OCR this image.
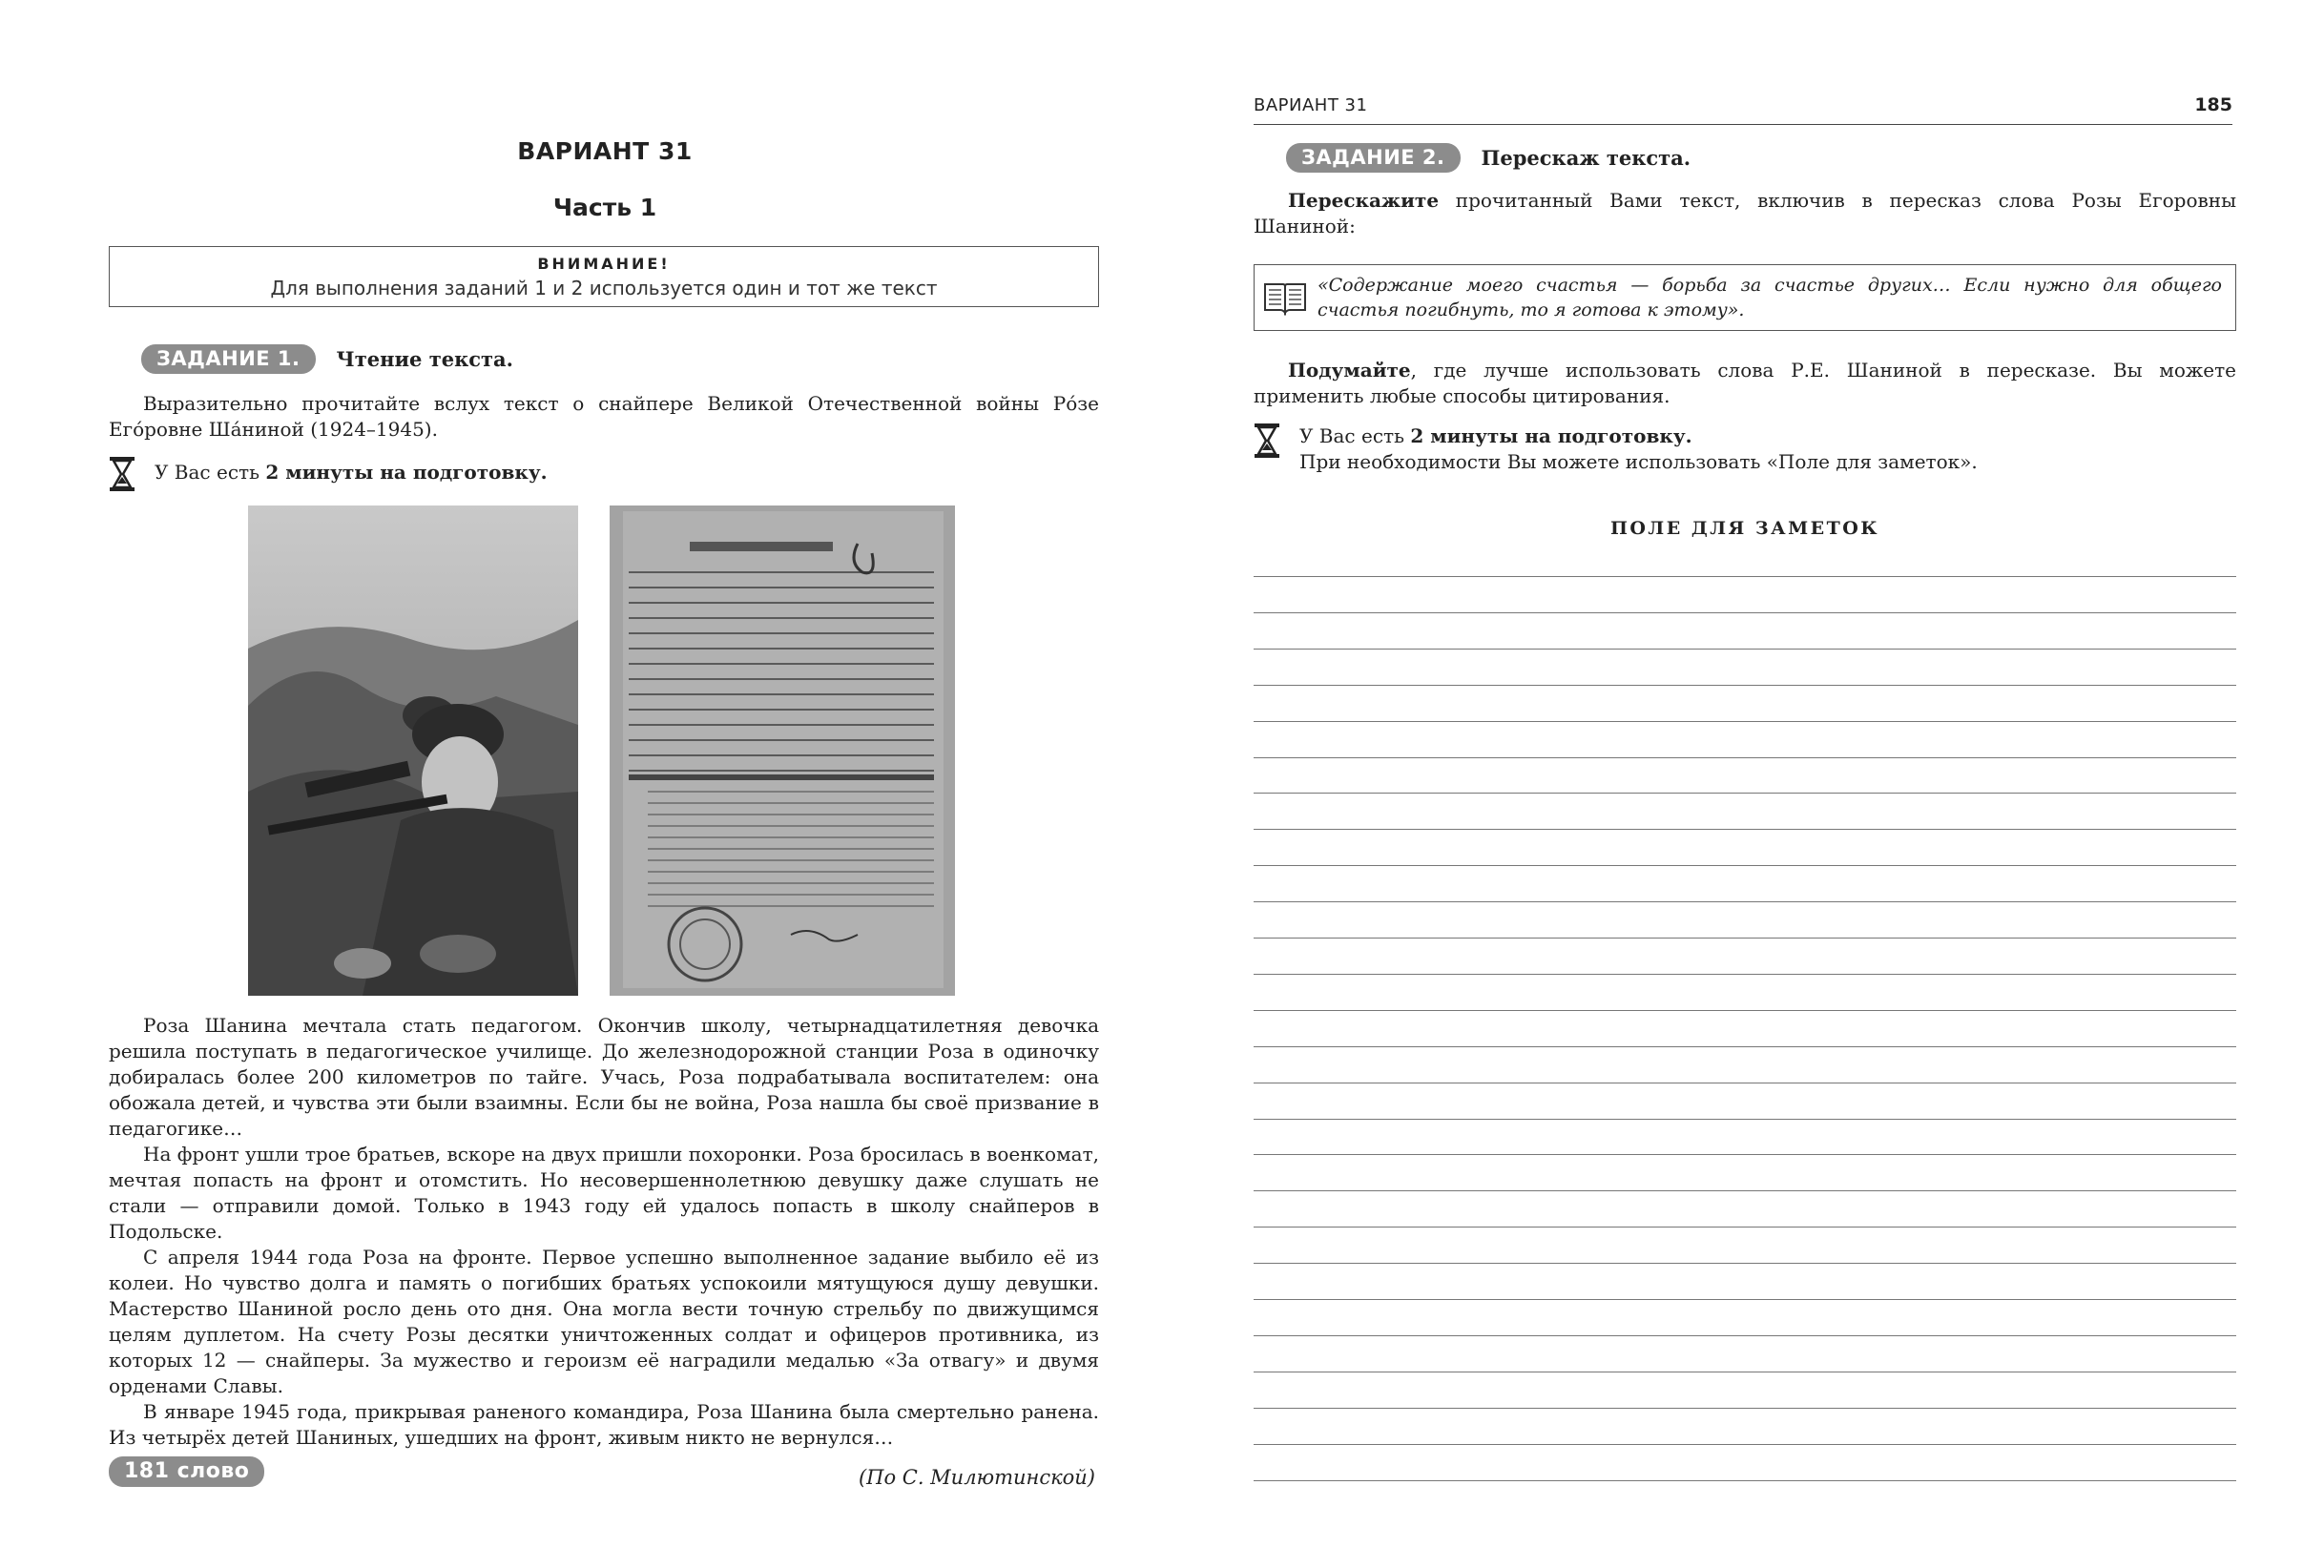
ВАРИАНТ 31
Часть 1
ВНИМАНИЕ!
Для выполнения заданий 1 и 2 используется один и тот же текст
ЗАДАНИЕ 1.	Чтение текста.

Выразительно прочитайте вслух текст о снайпере Великой Отечественной войны Ро́зе Его́ровне Ша́ниной (1924–1945).

У Вас есть 2 минуты на подготовку.

Роза Шанина мечтала стать педагогом. Окончив школу, четырнадцатилетняя девочка решила поступать в педагогическое училище. До железнодорожной станции Роза в одиночку добиралась более 200 километров по тайге. Учась, Роза подрабатывала воспитателем: она обожала детей, и чувства эти были взаимны. Если бы не война, Роза нашла бы своё призвание в педагогике…

На фронт ушли трое братьев, вскоре на двух пришли похоронки. Роза бросилась в военкомат, мечтая попасть на фронт и отомстить. Но несовершеннолетнюю девушку даже слушать не стали — отправили домой. Только в 1943 году ей удалось попасть в школу снайперов в Подольске.

С апреля 1944 года Роза на фронте. Первое успешно выполненное задание выбило её из колеи. Но чувство долга и память о погибших братьях успокоили мятущуюся душу девушки. Мастерство Шаниной росло день ото дня. Она могла вести точную стрельбу по движущимся целям дуплетом. На счету Розы десятки уничтоженных солдат и офицеров противника, из которых 12 — снайперы. За мужество и героизм её наградили медалью «За отвагу» и двумя орденами Славы.

В январе 1945 года, прикрывая раненого командира, Роза Шанина была смертельно ранена. Из четырёх детей Шаниных, ушедших на фронт, живым никто не вернулся…

181 слово	(По С. Милютинской)
ВАРИАНТ 31	185
ЗАДАНИЕ 2.	Перескаж текста.

Перескажите прочитанный Вами текст, включив в пересказ слова Розы Егоровны Шаниной:

«Содержание моего счастья — борьба за счастье других… Если нужно для общего счастья погибнуть, то я готова к этому».

Подумайте, где лучше использовать слова Р.Е. Шаниной в пересказе. Вы можете применить любые способы цитирования.

У Вас есть 2 минуты на подготовку.
При необходимости Вы можете использовать «Поле для заметок».
ПОЛЕ ДЛЯ ЗАМЕТОК
